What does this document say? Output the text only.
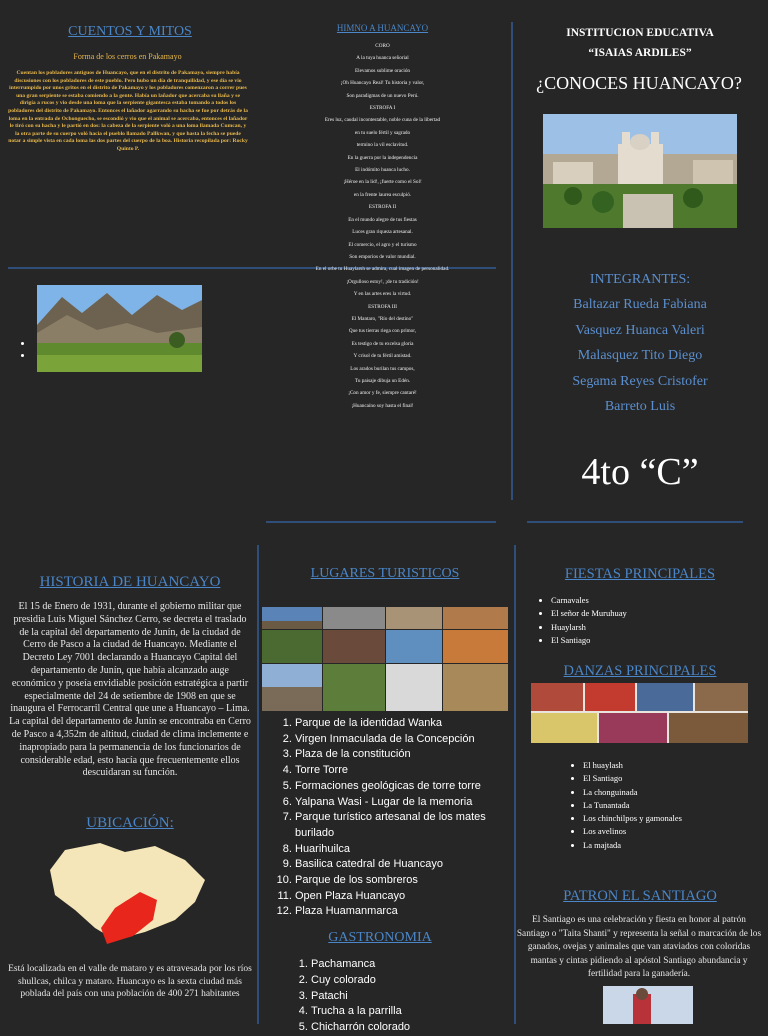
CUENTOS Y MITOS
Forma de los cerros en Pakamayo
Cuentan los pobladores antiguos de Huancayo, que en el distrito de Pakamayo, siempre había discusiones con los pobladores de este pueblo. Pero hubo un día de tranquilidad, y ese día se vio interrumpido por unos gritos en el distrito de Pakamayo y los pobladores comenzaron a correr pues una gran serpiente se estaba comiendo a la gente. Había un lañador que acercaba su llaña y se dirigía a rucos y vio desde una loma que la serpiente gigantesca estaba tomando a todos los pobladores del distrito de Pakamayo. Entonces el lañador agarrando su hacha se fue por detrás de la loma en la entrada de Ochonguecho, se escondió y vio que el animal se acercaba, entonces el lañador le tiró con su hacha y le partió en dos: la cabeza de la serpiente voló a una loma llamada Cumcan, y la otra parte de su cuerpo voló hacia el pueblo llamado Pallkwan, y que hasta la fecha se puede notar a simple vista en cada loma las dos partes del cuerpo de la boa. Historia recopilada por: Rocky Quinto P.
HIMNO A HUANCAYO
CORO
A la tuya huanca señorial
Elevamos sublime oración
¡Oh Huancayo Real! Tu historia y valor,
Son paradigmas de un nuevo Perú.
ESTROFA I
Eres luz, caudal incontestable, noble cuna de la libertad
en tu suelo fértil y sagrado
termino la vil esclavitud.
En la guerra por la independencia
El indómito huanca lucho.
¡Héroe en la lid!, ¡fuerte como el Sol!
en la frente laurea esculpió.
ESTROFA II
En el mundo alegre de tus fiestas
Luces gran riqueza artesanal.
El comercio, el agro y el turismo
Son emporios de valor mundial.
En el orbe tu Huaylarsh se admira, cual imagen de personalidad.
¡Orgulloso estoy!, ¡de tu tradición!
Y en las artes eres la virtud.
ESTROFA III
El Mantaro, "Río del destino"
Que tus tierras riega con primor,
Es testigo de tu excelsa gloria
Y crisol de tu fértil amistad.
Los arados burilan tus campos,
Tu paisaje dibuja un Edén.
¡Con amor y fe, siempre cantaré!
¡Huancaíno soy hasta el final!
INSTITUCION EDUCATIVA
“ISAIAS ARDILES”
¿CONOCES HUANCAYO?
INTEGRANTES:
Baltazar Rueda Fabiana
Vasquez Huanca Valeri
Malasquez Tito Diego
Segama Reyes Cristofer
Barreto Luis
4to “C”
HISTORIA DE HUANCAYO
El 15 de Enero de 1931, durante el gobierno militar que presidia Luis Miguel Sánchez Cerro, se decreta el traslado de la capital del departamento de Junín, de la ciudad de Cerro de Pasco a la ciudad de Huancayo. Mediante el Decreto Ley 7001 declarando a Huancayo Capital del departamento de Junín, que había alcanzado auge económico y poseía envidiable posición estratégica a partir especialmente del 24 de setiembre de 1908 en que se inaugura el Ferrocarril Central que une a Huancayo – Lima. La capital del departamento de Junín se encontraba en Cerro de Pasco a 4,352m de altitud, ciudad de clima inclemente e inapropiado para la permanencia de los funcionarios de considerable edad, esto hacía que frecuentemente ellos descuidaran su función.
UBICACIÓN:
Está localizada en el valle de mataro y es atravesada por los ríos shullcas, chilca y mataro. Huancayo es la sexta ciudad más poblada del país con una población de 400 271 habitantes
LUGARES TURISTICOS
1. Parque de la identidad Wanka
2. Virgen Inmaculada de la Concepción
3. Plaza de la constitución
4. Torre Torre
5. Formaciones geológicas de torre torre
6. Yalpana Wasi - Lugar de la memoria
7. Parque turístico artesanal de los mates burilado
8. Huarihuilca
9. Basilica catedral de Huancayo
10. Parque de los sombreros
11. Open Plaza Huancayo
12. Plaza Huamanmarca
GASTRONOMIA
1. Pachamanca
2. Cuy colorado
3. Patachi
4. Trucha a la parrilla
5. Chicharrón colorado
FIESTAS PRINCIPALES
• Carnavales
• El señor de Muruhuay
• Huaylarsh
• El Santiago
DANZAS PRINCIPALES
• El huaylash
• El Santiago
• La chonguinada
• La Tunantada
• Los chinchilpos y gamonales
• Los avelinos
• La majtada
PATRON EL SANTIAGO
El Santiago es una celebración y fiesta en honor al patrón Santiago o "Taita Shanti" y representa la señal o marcación de los ganados, ovejas y animales que van ataviados con coloridas mantas y cintas pidiendo al apóstol Santiago abundancia y fertilidad para la ganadería.
